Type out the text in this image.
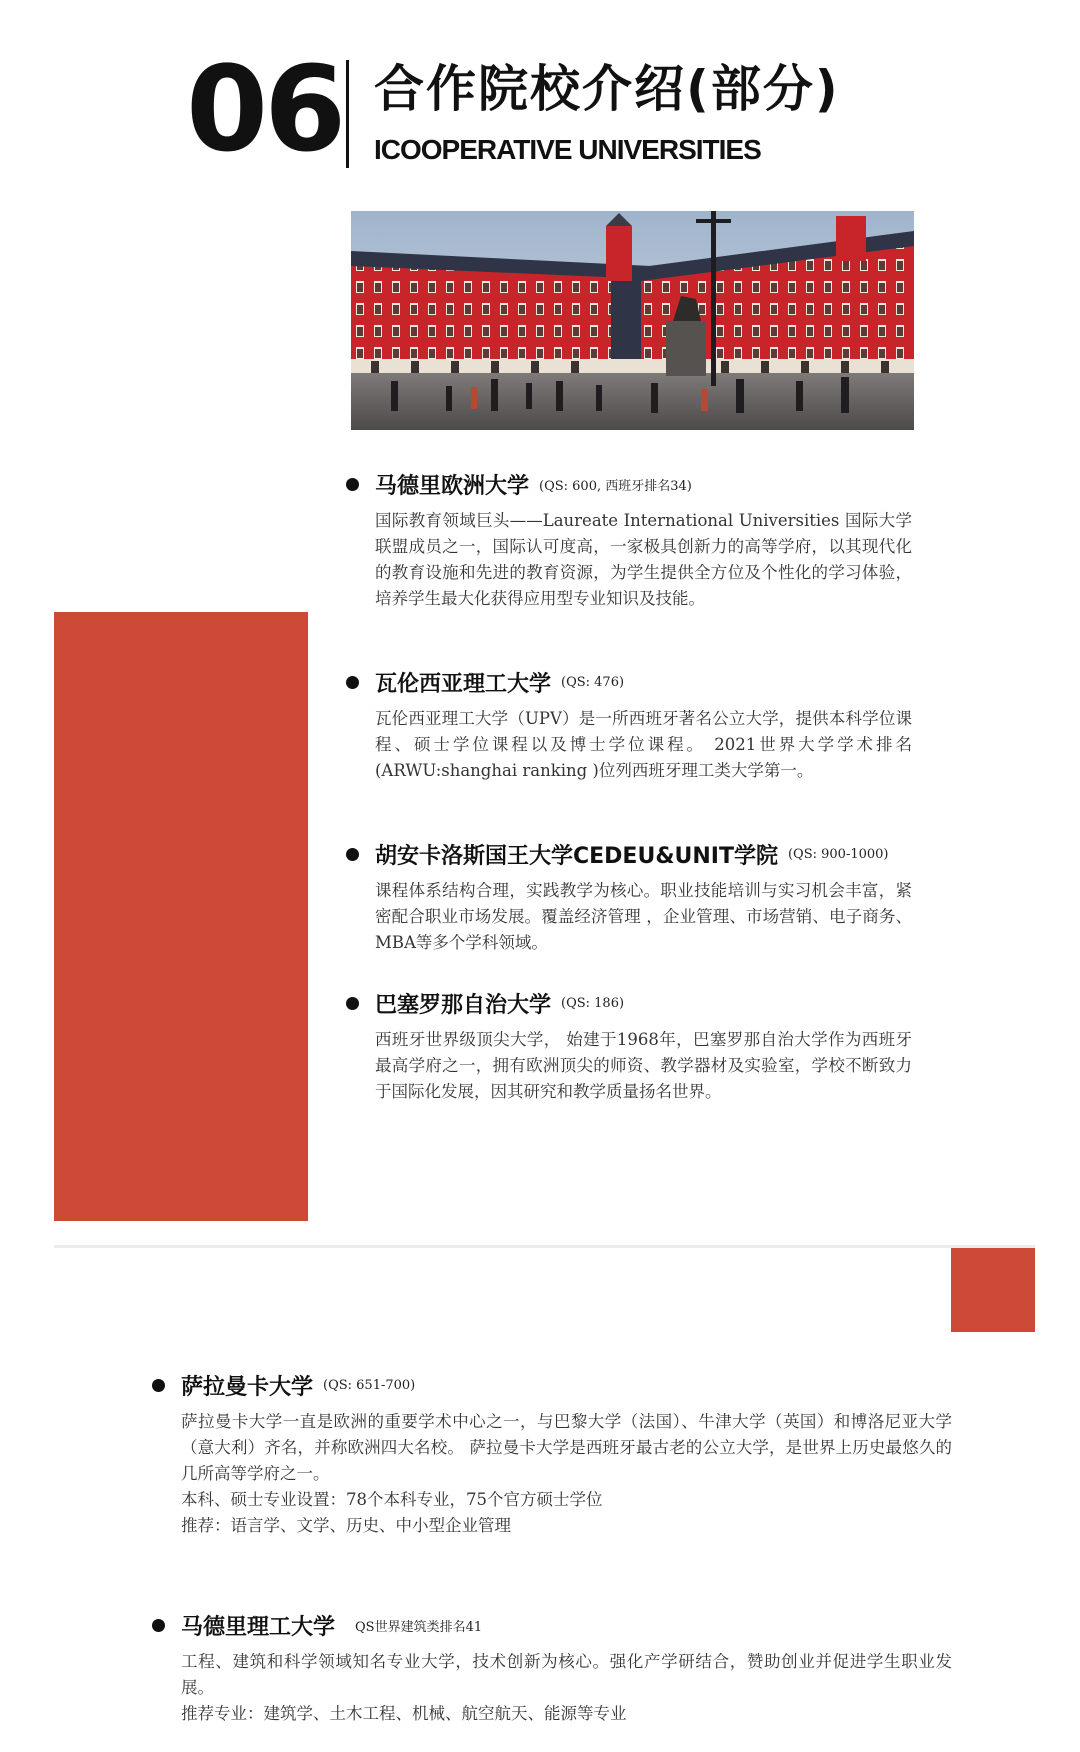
06 合作院校介绍(部分)
ICOOPERATIVE UNIVERSITIES
马德里欧洲大学 (QS: 600, 西班牙排名34)
国际教育领域巨头——Laureate International Universities 国际大学联盟成员之一，国际认可度高，一家极具创新力的高等学府，以其现代化的教育设施和先进的教育资源，为学生提供全方位及个性化的学习体验，培养学生最大化获得应用型专业知识及技能。
瓦伦西亚理工大学 (QS: 476)
瓦伦西亚理工大学（UPV）是一所西班牙著名公立大学，提供本科学位课程、硕士学位课程以及博士学位课程。 2021世界大学学术排名(ARWU:shanghai ranking )位列西班牙理工类大学第一。
胡安卡洛斯国王大学CEDEU&UNIT学院 (QS: 900-1000)
课程体系结构合理，实践教学为核心。职业技能培训与实习机会丰富，紧密配合职业市场发展。覆盖经济管理 ，企业管理、市场营销、电子商务、MBA等多个学科领域。
巴塞罗那自治大学 (QS: 186)
西班牙世界级顶尖大学， 始建于1968年，巴塞罗那自治大学作为西班牙最高学府之一，拥有欧洲顶尖的师资、教学器材及实验室，学校不断致力于国际化发展，因其研究和教学质量扬名世界。
萨拉曼卡大学 (QS: 651-700)
萨拉曼卡大学一直是欧洲的重要学术中心之一，与巴黎大学（法国）、牛津大学（英国）和博洛尼亚大学（意大利）齐名，并称欧洲四大名校。 萨拉曼卡大学是西班牙最古老的公立大学，是世界上历史最悠久的几所高等学府之一。
本科、硕士专业设置：78个本科专业，75个官方硕士学位
推荐：语言学、文学、历史、中小型企业管理
马德里理工大学 QS世界建筑类排名41
工程、建筑和科学领域知名专业大学，技术创新为核心。强化产学研结合，赞助创业并促进学生职业发展。
推荐专业：建筑学、土木工程、机械、航空航天、能源等专业
